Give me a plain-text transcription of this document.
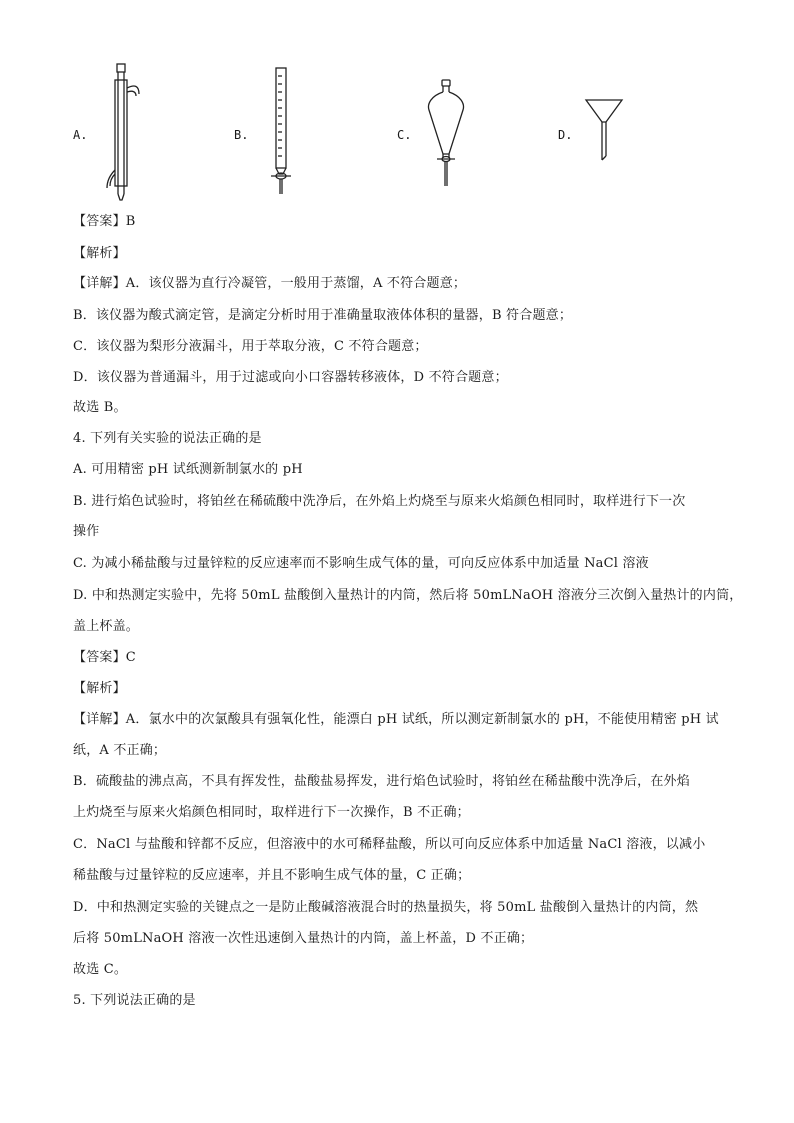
A.	B.	C.	D.
【答案】B
【解析】
【详解】A．该仪器为直行冷凝管，一般用于蒸馏，A 不符合题意；
B．该仪器为酸式滴定管，是滴定分析时用于准确量取液体体积的量器，B 符合题意；
C．该仪器为梨形分液漏斗，用于萃取分液，C 不符合题意；
D．该仪器为普通漏斗，用于过滤或向小口容器转移液体，D 不符合题意；
故选 B。
4. 下列有关实验的说法正确的是
A. 可用精密 pH 试纸测新制氯水的 pH
B. 进行焰色试验时，将铂丝在稀硫酸中洗净后，在外焰上灼烧至与原来火焰颜色相同时，取样进行下一次
操作
C. 为减小稀盐酸与过量锌粒的反应速率而不影响生成气体的量，可向反应体系中加适量 NaCl 溶液
D. 中和热测定实验中，先将 50mL 盐酸倒入量热计的内筒，然后将 50mLNaOH 溶液分三次倒入量热计的内筒，
盖上杯盖。
【答案】C
【解析】
【详解】A．氯水中的次氯酸具有强氧化性，能漂白 pH 试纸，所以测定新制氯水的 pH，不能使用精密 pH 试
纸，A 不正确；
B．硫酸盐的沸点高，不具有挥发性，盐酸盐易挥发，进行焰色试验时，将铂丝在稀盐酸中洗净后，在外焰
上灼烧至与原来火焰颜色相同时，取样进行下一次操作，B 不正确；
C．NaCl 与盐酸和锌都不反应，但溶液中的水可稀释盐酸，所以可向反应体系中加适量 NaCl 溶液，以减小
稀盐酸与过量锌粒的反应速率，并且不影响生成气体的量，C 正确；
D．中和热测定实验的关键点之一是防止酸碱溶液混合时的热量损失，将 50mL 盐酸倒入量热计的内筒，然
后将 50mLNaOH 溶液一次性迅速倒入量热计的内筒，盖上杯盖，D 不正确；
故选 C。
5. 下列说法正确的是
